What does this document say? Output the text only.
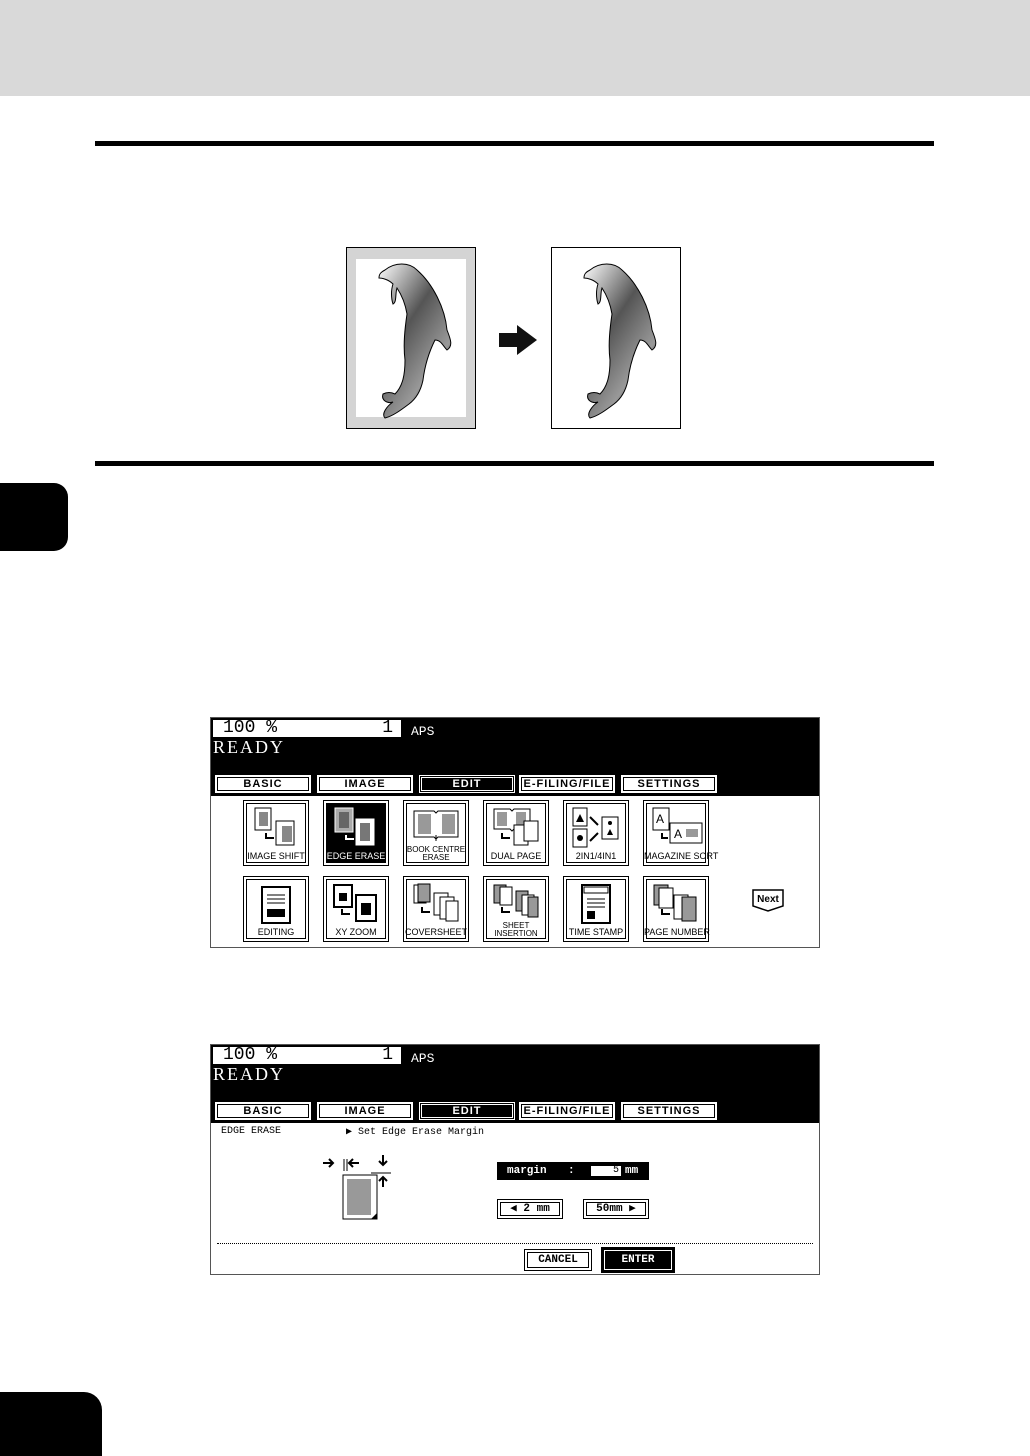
100 %	1 APS
READY
BASIC	IMAGE	EDIT	E-FILING/FILE	SETTINGS
IMAGE SHIFT	EDGE ERASE
BOOK CENTRE
ERASE	DUAL PAGE	2IN1/4IN1
A
A
MAGAZINE SORT
EDITING	XY ZOOM	COVERSHEET
SHEET
INSERTION	TIME STAMP	PAGE NUMBER
Next
100 %	1 APS
READY
BASIC	IMAGE	EDIT	E-FILING/FILE	SETTINGS
EDGE ERASE	▶ Set Edge Erase Margin
margin :	5 mm
◀ 2 mm	50mm ▶
CANCEL	ENTER
